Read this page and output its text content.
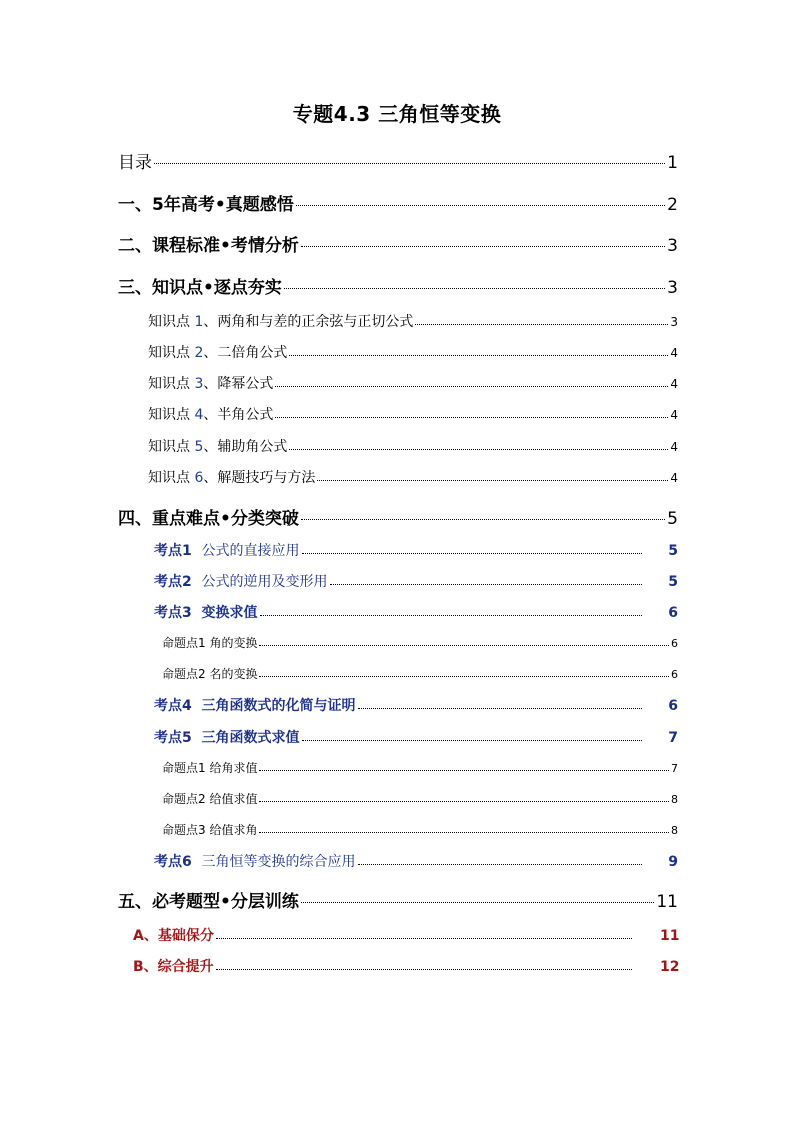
专题4.3 三角恒等变换
目录	1
一、5年高考•真题感悟	2
二、课程标准•考情分析	3
三、知识点•逐点夯实	3
知识点 1、两角和与差的正余弦与正切公式	3
知识点 2、二倍角公式	4
知识点 3、降幂公式	4
知识点 4、半角公式	4
知识点 5、辅助角公式	4
知识点 6、解题技巧与方法	4
四、重点难点•分类突破	5
考点1 公式的直接应用	5
考点2 公式的逆用及变形用	5
考点3 变换求值	6
命题点1 角的变换	6
命题点2 名的变换	6
考点4 三角函数式的化简与证明	6
考点5 三角函数式求值	7
命题点1 给角求值	7
命题点2 给值求值	8
命题点3 给值求角	8
考点6 三角恒等变换的综合应用	9
五、必考题型•分层训练	11
A、基础保分	11
B、综合提升	12
